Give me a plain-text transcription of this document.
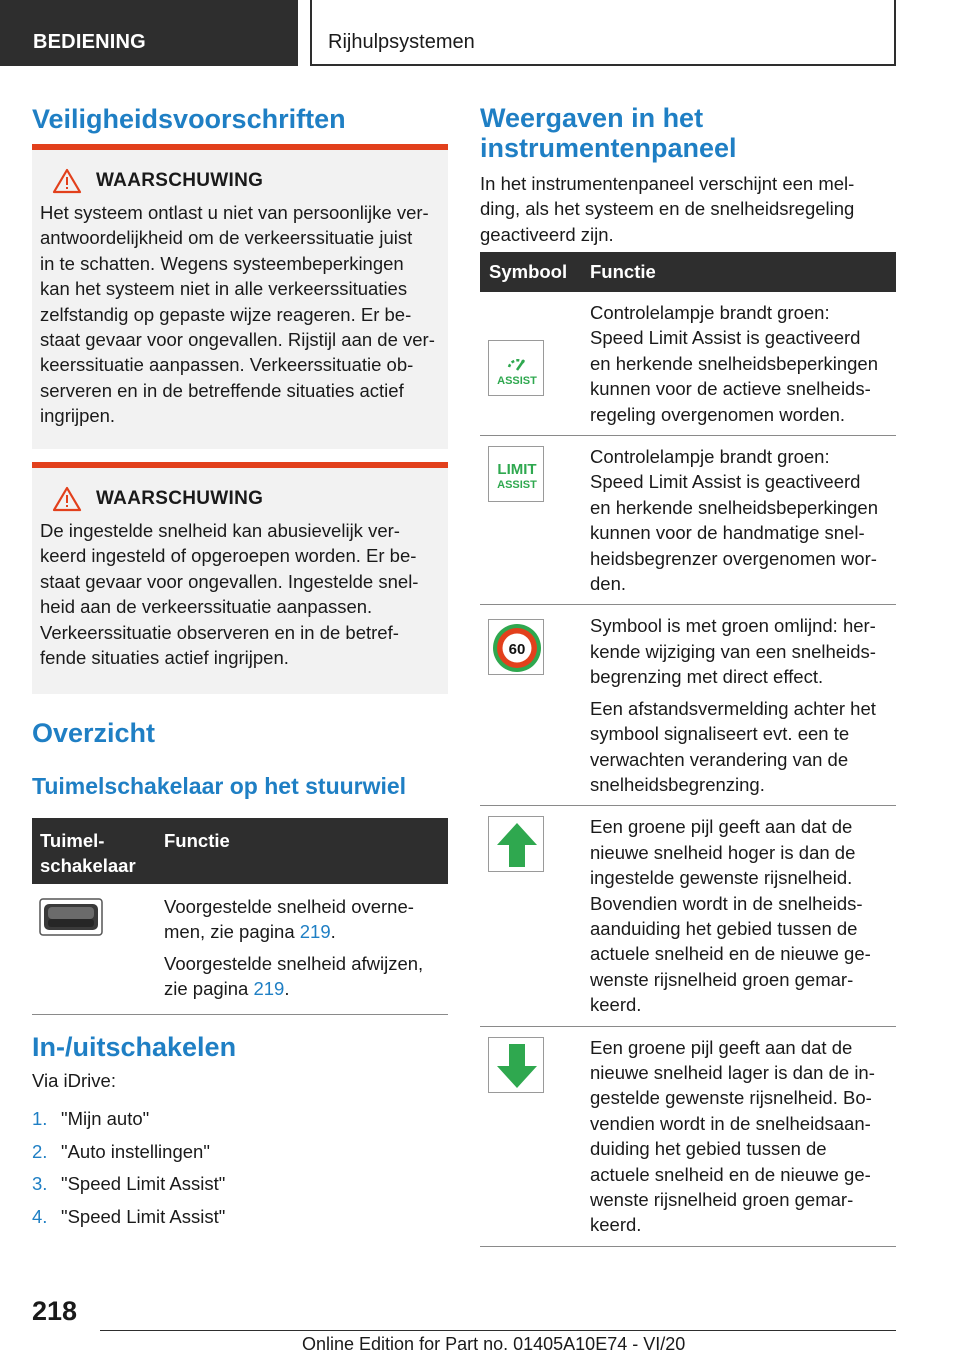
BEDIENING	Rijhulpsystemen
Veiligheidsvoorschriften
WAARSCHUWING
Het systeem ontlast u niet van persoonlijke ver-
antwoordelijkheid om de verkeerssituatie juist
in te schatten. Wegens systeembeperkingen
kan het systeem niet in alle verkeerssituaties
zelfstandig op gepaste wijze reageren. Er be-
staat gevaar voor ongevallen. Rijstijl aan de ver-
keerssituatie aanpassen. Verkeerssituatie ob-
serveren en in de betreffende situaties actief
ingrijpen.
WAARSCHUWING
De ingestelde snelheid kan abusievelijk ver-
keerd ingesteld of opgeroepen worden. Er be-
staat gevaar voor ongevallen. Ingestelde snel-
heid aan de verkeerssituatie aanpassen.
Verkeerssituatie observeren en in de betref-
fende situaties actief ingrijpen.
Overzicht
Tuimelschakelaar op het stuurwiel
Tuimel-
schakelaar
Functie

Voorgestelde snelheid overne-
men, zie pagina 219.

Voorgestelde snelheid afwijzen,
zie pagina 219.

In-/uitschakelen
Via iDrive:
1. "Mijn auto"
2. "Auto instellingen"
3. "Speed Limit Assist"
4. "Speed Limit Assist"
Weergaven in het
instrumentenpaneel
In het instrumentenpaneel verschijnt een mel-
ding, als het systeem en de snelheidsregeling
geactiveerd zijn.
Symbool	Functie
ASSIST
Controlelampje brandt groen:
Speed Limit Assist is geactiveerd
en herkende snelheidsbeperkingen
kunnen voor de actieve snelheids-
regeling overgenomen worden.
LIMIT
ASSIST
Controlelampje brandt groen:
Speed Limit Assist is geactiveerd
en herkende snelheidsbeperkingen
kunnen voor de handmatige snel-
heidsbegrenzer overgenomen wor-
den.
60

Symbool is met groen omlijnd: her-
kende wijziging van een snelheids-
begrenzing met direct effect.

Een afstandsvermelding achter het
symbool signaliseert evt. een te
verwachten verandering van de
snelheidsbegrenzing.

Een groene pijl geeft aan dat de
nieuwe snelheid hoger is dan de
ingestelde gewenste rijsnelheid.
Bovendien wordt in de snelheids-
aanduiding het gebied tussen de
actuele snelheid en de nieuwe ge-
wenste rijsnelheid groen gemar-
keerd.
Een groene pijl geeft aan dat de
nieuwe snelheid lager is dan de in-
gestelde gewenste rijsnelheid. Bo-
vendien wordt in de snelheidsaan-
duiding het gebied tussen de
actuele snelheid en de nieuwe ge-
wenste rijsnelheid groen gemar-
keerd.
218
Online Edition for Part no. 01405A10E74 - VI/20
